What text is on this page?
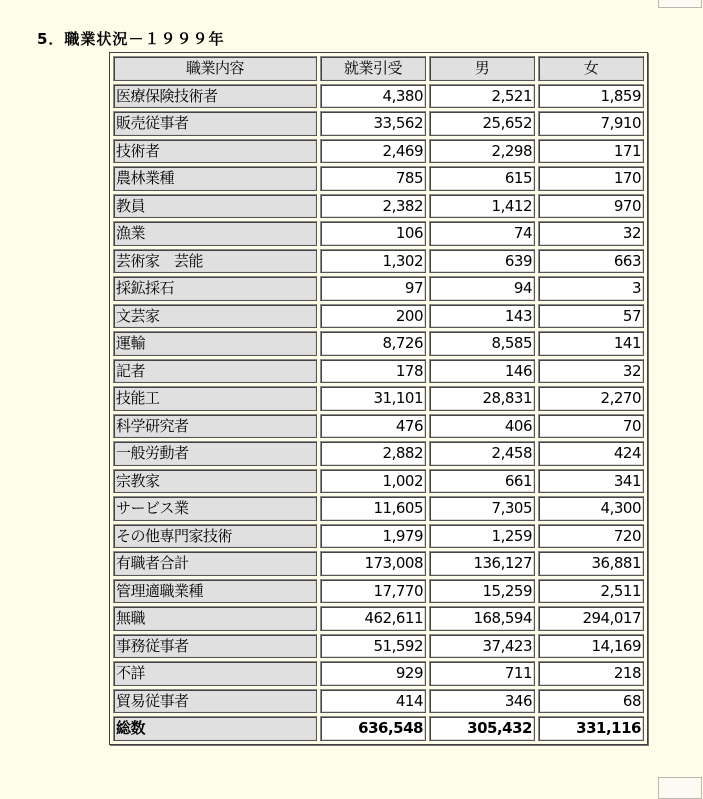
5．職業状況－１９９９年
職業内容	就業引受	男	女
医療保険技術者	4,380	2,521	1,859
販売従事者	33,562	25,652	7,910
技術者	2,469	2,298	171
農林業種	785	615	170
教員	2,382	1,412	970
漁業	106	74	32
芸術家　芸能	1,302	639	663
採鉱採石	97	94	3
文芸家	200	143	57
運輸	8,726	8,585	141
記者	178	146	32
技能工	31,101	28,831	2,270
科学研究者	476	406	70
一般労動者	2,882	2,458	424
宗教家	1,002	661	341
サービス業	11,605	7,305	4,300
その他専門家技術	1,979	1,259	720
有職者合計	173,008	136,127	36,881
管理適職業種	17,770	15,259	2,511
無職	462,611	168,594	294,017
事務従事者	51,592	37,423	14,169
不詳	929	711	218
貿易従事者	414	346	68
総数	636,548	305,432	331,116
